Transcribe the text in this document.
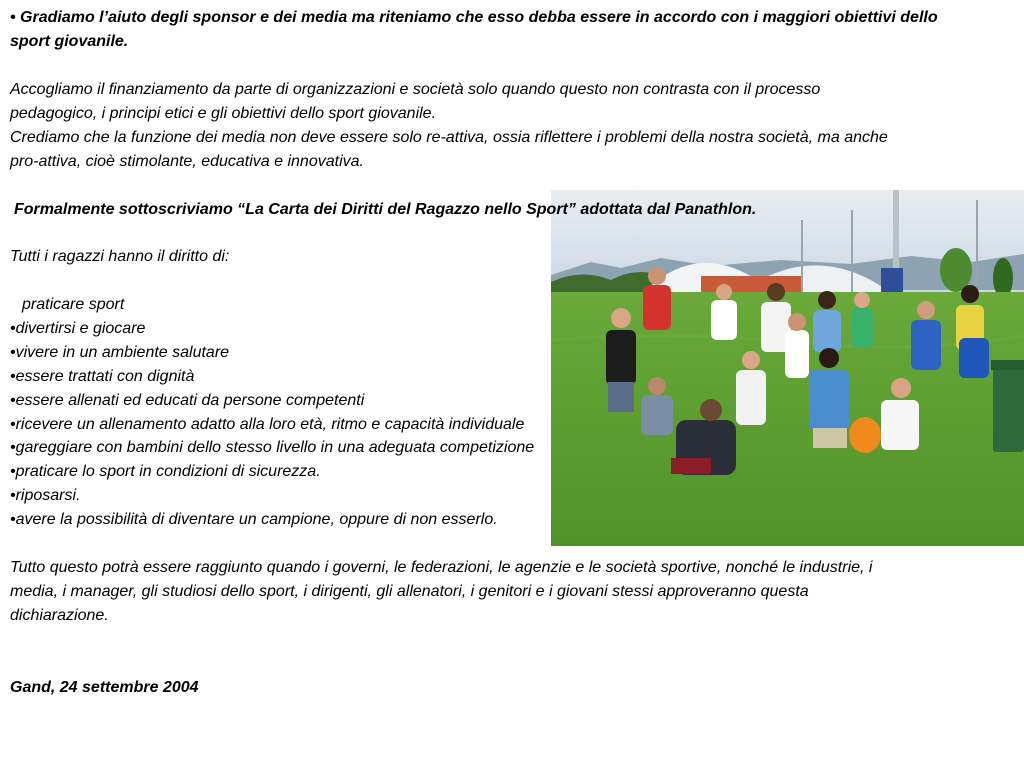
• Gradiamo l’aiuto degli sponsor e dei media ma riteniamo che esso debba essere in accordo con i maggiori obiettivi dello
sport giovanile.
Accogliamo il finanziamento da parte di organizzazioni e società solo quando questo non contrasta con il processo
pedagogico, i principi etici e gli obiettivi dello sport giovanile.
Crediamo che la funzione dei media non deve essere solo re-attiva, ossia riflettere i problemi della nostra società, ma anche
pro-attiva, cioè stimolante, educativa e innovativa.
Formalmente sottoscriviamo “La Carta dei Diritti del Ragazzo nello Sport” adottata dal Panathlon.
Tutti i ragazzi hanno il diritto di:
praticare sport
•divertirsi e giocare
•vivere in un ambiente salutare
•essere trattati con dignità
•essere allenati ed educati da persone competenti
•ricevere un allenamento adatto alla loro età, ritmo e capacità individuale
•gareggiare con bambini dello stesso livello in una adeguata competizione
•praticare lo sport in condizioni di sicurezza.
•riposarsi.
•avere la possibilità di diventare un campione, oppure di non esserlo.
Tutto questo potrà essere raggiunto quando i governi, le federazioni, le agenzie e le società sportive, nonché le industrie, i
media, i manager, gli studiosi dello sport, i dirigenti, gli allenatori, i genitori e i giovani stessi approveranno questa
dichiarazione.
Gand, 24 settembre 2004
